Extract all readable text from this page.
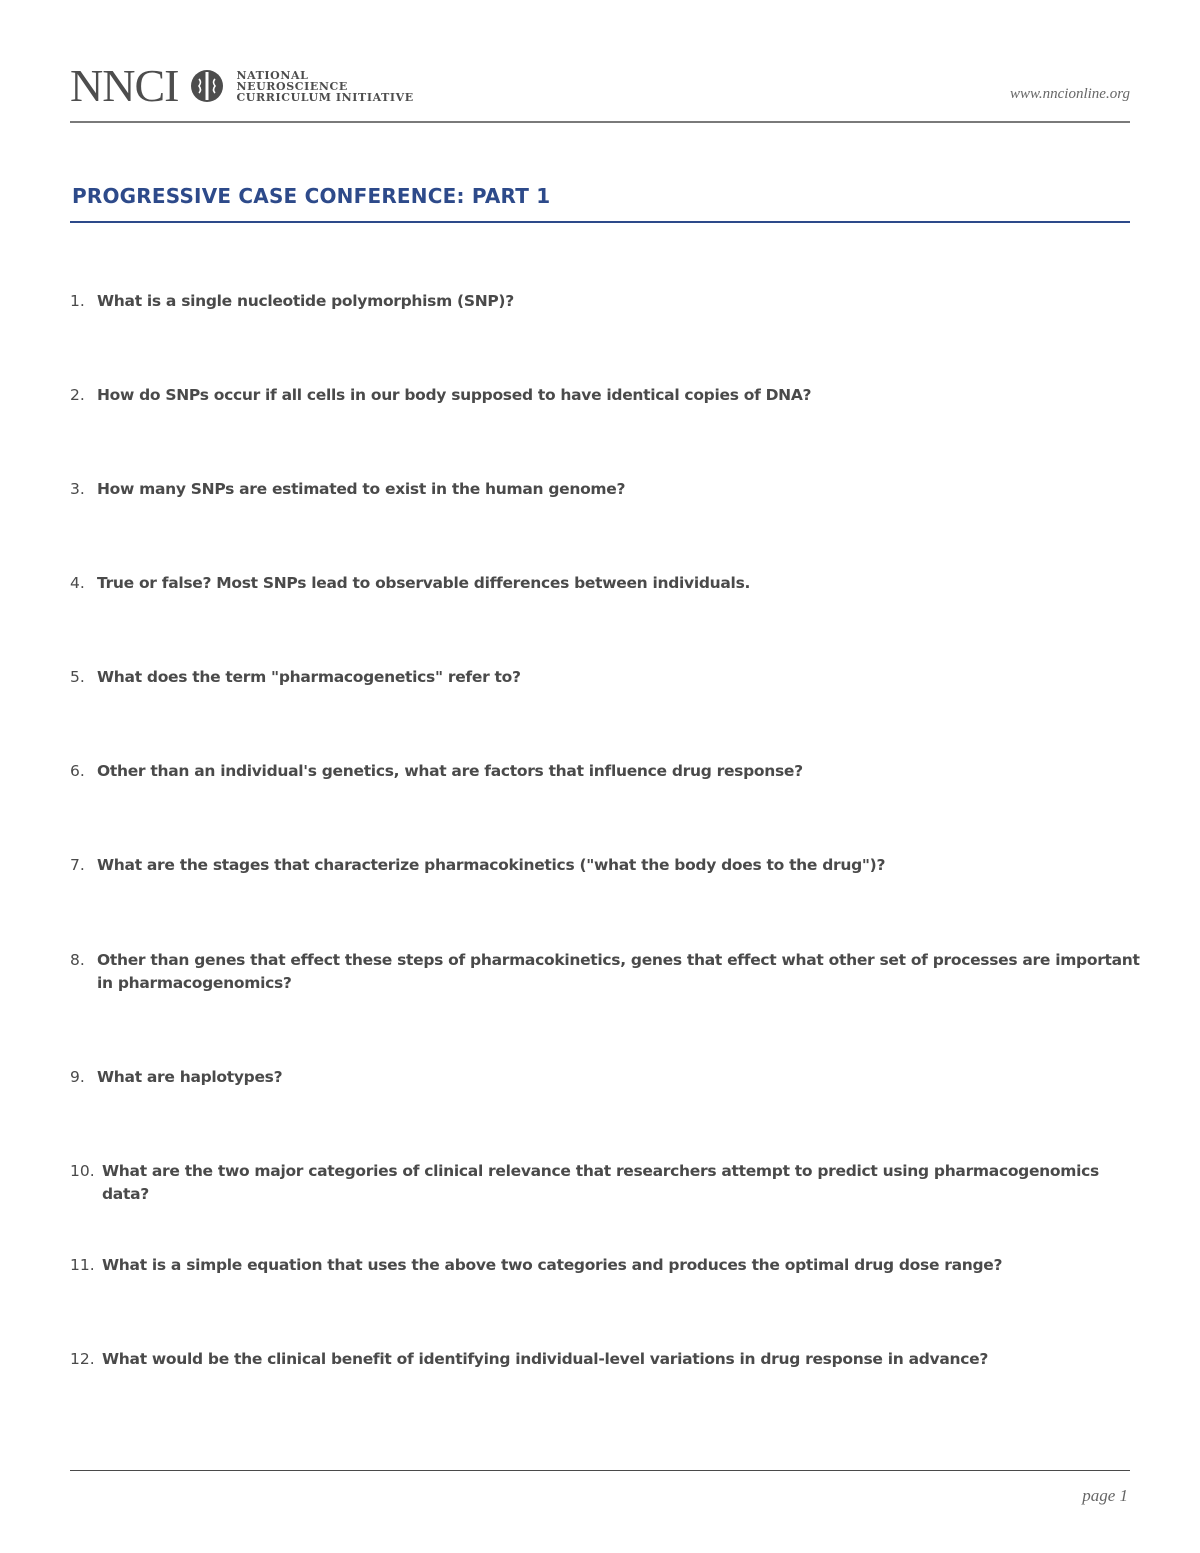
NNCI	NATIONAL
NEUROSCIENCE
CURRICULUM INITIATIVE	www.nncionline.org
PROGRESSIVE CASE CONFERENCE: PART 1
1. What is a single nucleotide polymorphism (SNP)?
2. How do SNPs occur if all cells in our body supposed to have identical copies of DNA?
3. How many SNPs are estimated to exist in the human genome?
4. True or false? Most SNPs lead to observable differences between individuals.
5. What does the term "pharmacogenetics" refer to?
6. Other than an individual's genetics, what are factors that influence drug response?
7. What are the stages that characterize pharmacokinetics ("what the body does to the drug")?
8. Other than genes that effect these steps of pharmacokinetics, genes that effect what other set of processes are important in pharmacogenomics?
9. What are haplotypes?
10. What are the two major categories of clinical relevance that researchers attempt to predict using pharmacogenomics data?
11. What is a simple equation that uses the above two categories and produces the optimal drug dose range?
12. What would be the clinical benefit of identifying individual-level variations in drug response in advance?
page 1
